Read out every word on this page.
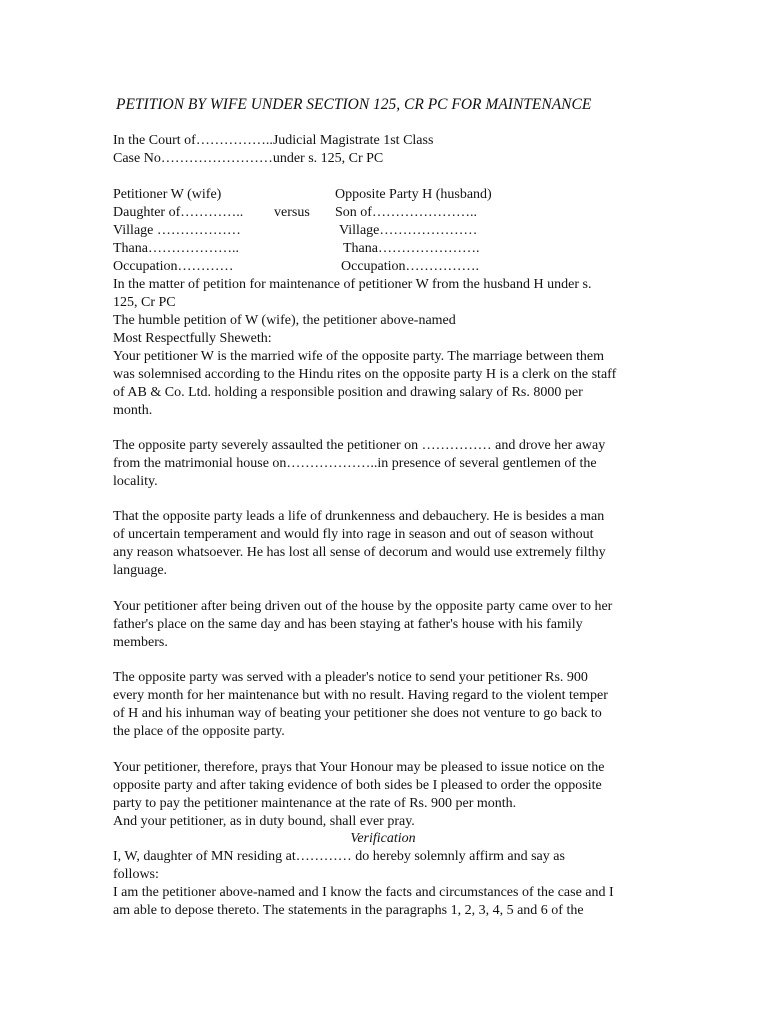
PETITION BY WIFE UNDER SECTION 125, CR PC FOR MAINTENANCE
In the Court of……………..Judicial Magistrate 1st Class
Case No……………………under s. 125, Cr PC
Petitioner W (wife)	Opposite Party H (husband)
Daughter of………….. versus Son of…………………..
Village ………………	Village…………………
Thana………………..	Thana………………….
Occupation…………	Occupation…………….
In the matter of petition for maintenance of petitioner W from the husband H under s.
125, Cr PC
The humble petition of W (wife), the petitioner above-named
Most Respectfully Sheweth:
Your petitioner W is the married wife of the opposite party. The marriage between them
was solemnised according to the Hindu rites on the opposite party H is a clerk on the staff
of AB & Co. Ltd. holding a responsible position and drawing salary of Rs. 8000 per
month.
The opposite party severely assaulted the petitioner on …………… and drove her away
from the matrimonial house on………………..in presence of several gentlemen of the
locality.
That the opposite party leads a life of drunkenness and debauchery. He is besides a man
of uncertain temperament and would fly into rage in season and out of season without
any reason whatsoever. He has lost all sense of decorum and would use extremely filthy
language.
Your petitioner after being driven out of the house by the opposite party came over to her
father's place on the same day and has been staying at father's house with his family
members.
The opposite party was served with a pleader's notice to send your petitioner Rs. 900
every month for her maintenance but with no result. Having regard to the violent temper
of H and his inhuman way of beating your petitioner she does not venture to go back to
the place of the opposite party.
Your petitioner, therefore, prays that Your Honour may be pleased to issue notice on the
opposite party and after taking evidence of both sides be I pleased to order the opposite
party to pay the petitioner maintenance at the rate of Rs. 900 per month.
And your petitioner, as in duty bound, shall ever pray.
Verification
I, W, daughter of MN residing at………… do hereby solemnly affirm and say as
follows:
I am the petitioner above-named and I know the facts and circumstances of the case and I
am able to depose thereto. The statements in the paragraphs 1, 2, 3, 4, 5 and 6 of the
